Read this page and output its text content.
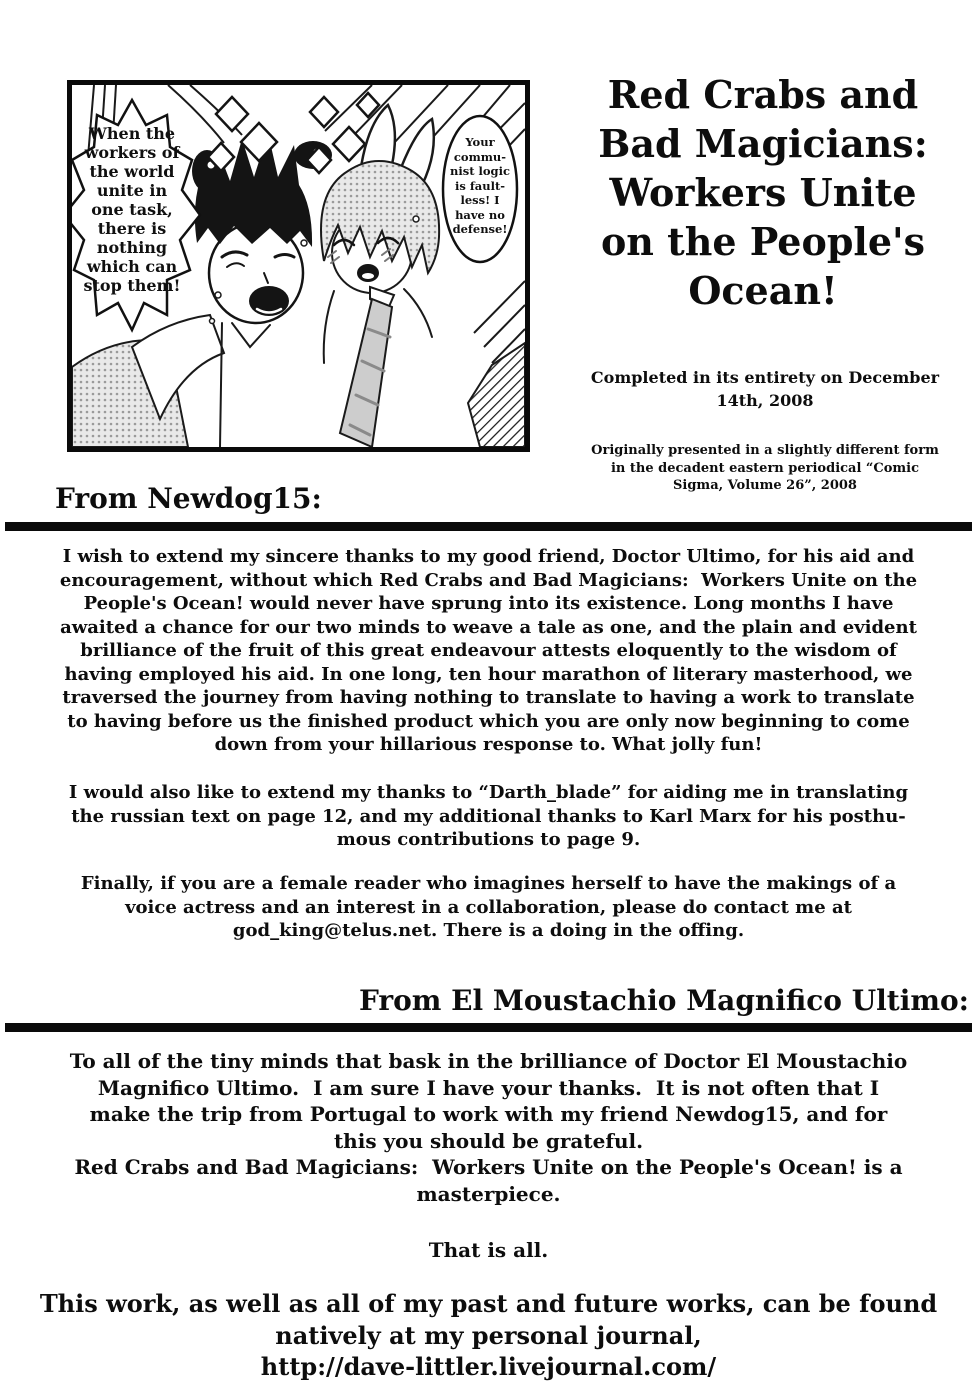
When the
workers of
the world
unite in
one task,
there is
nothing
which can
stop them!
Your
commu-
nist logic
is fault-
less! I
have no
defense!
Red Crabs and
Bad Magicians:
Workers Unite
on the People's
Ocean!
Completed in its entirety on December
14th, 2008
Originally presented in a slightly different form
in the decadent eastern periodical “Comic
Sigma, Volume 26”, 2008
From Newdog15:
I wish to extend my sincere thanks to my good friend, Doctor Ultimo, for his aid and
encouragement, without which Red Crabs and Bad Magicians:  Workers Unite on the
People's Ocean! would never have sprung into its existence. Long months I have
awaited a chance for our two minds to weave a tale as one, and the plain and evident
brilliance of the fruit of this great endeavour attests eloquently to the wisdom of
having employed his aid. In one long, ten hour marathon of literary masterhood, we
traversed the journey from having nothing to translate to having a work to translate
to having before us the finished product which you are only now beginning to come
down from your hillarious response to. What jolly fun!
I would also like to extend my thanks to “Darth_blade” for aiding me in translating
the russian text on page 12, and my additional thanks to Karl Marx for his posthu-
mous contributions to page 9.
Finally, if you are a female reader who imagines herself to have the makings of a
voice actress and an interest in a collaboration, please do contact me at
god_king@telus.net. There is a doing in the offing.
From El Moustachio Magnifico Ultimo:
To all of the tiny minds that bask in the brilliance of Doctor El Moustachio
Magnifico Ultimo.  I am sure I have your thanks.  It is not often that I
make the trip from Portugal to work with my friend Newdog15, and for
this you should be grateful.
Red Crabs and Bad Magicians:  Workers Unite on the People's Ocean! is a
masterpiece.
That is all.
This work, as well as all of my past and future works, can be found
natively at my personal journal,
http://dave-littler.livejournal.com/
